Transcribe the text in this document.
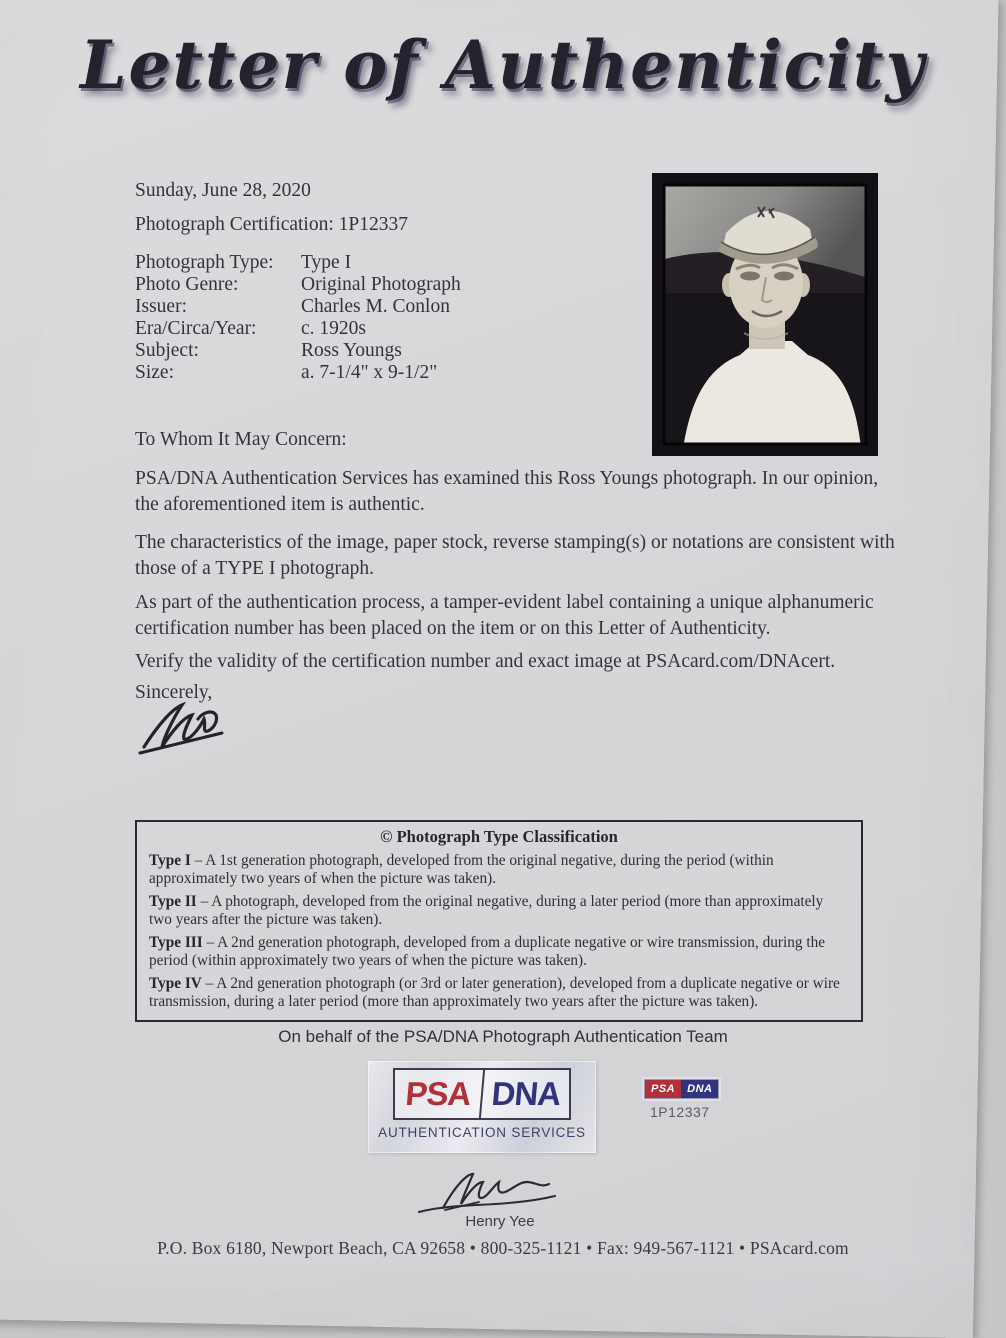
Letter of Authenticity
Sunday, June 28, 2020
Photograph Certification: 1P12337
Photograph Type:	Type I
Photo Genre:	Original Photograph
Issuer:	Charles M. Conlon
Era/Circa/Year:	c. 1920s
Subject:	Ross Youngs
Size:	a. 7-1/4" x 9-1/2"
To Whom It May Concern:

PSA/DNA Authentication Services has examined this Ross Youngs photograph. In our opinion, the aforementioned item is authentic.

The characteristics of the image, paper stock, reverse stamping(s) or notations are consistent with those of a TYPE I photograph.

As part of the authentication process, a tamper-evident label containing a unique alphanumeric certification number has been placed on the item or on this Letter of Authenticity.

Verify the validity of the certification number and exact image at PSAcard.com/DNAcert.

Sincerely,
© Photograph Type Classification
Type I – A 1st generation photograph, developed from the original negative, during the period (within approximately two years of when the picture was taken).
Type II – A photograph, developed from the original negative, during a later period (more than approximately two years after the picture was taken).
Type III – A 2nd generation photograph, developed from a duplicate negative or wire transmission, during the period (within approximately two years of when the picture was taken).
Type IV – A 2nd generation photograph (or 3rd or later generation), developed from a duplicate negative or wire transmission, during a later period (more than approximately two years after the picture was taken).
On behalf of the PSA/DNA Photograph Authentication Team
PSA DNA
AUTHENTICATION SERVICES
PSA	DNA
1P12337
Henry Yee
P.O. Box 6180, Newport Beach, CA 92658 • 800-325-1121 • Fax: 949-567-1121 • PSAcard.com
